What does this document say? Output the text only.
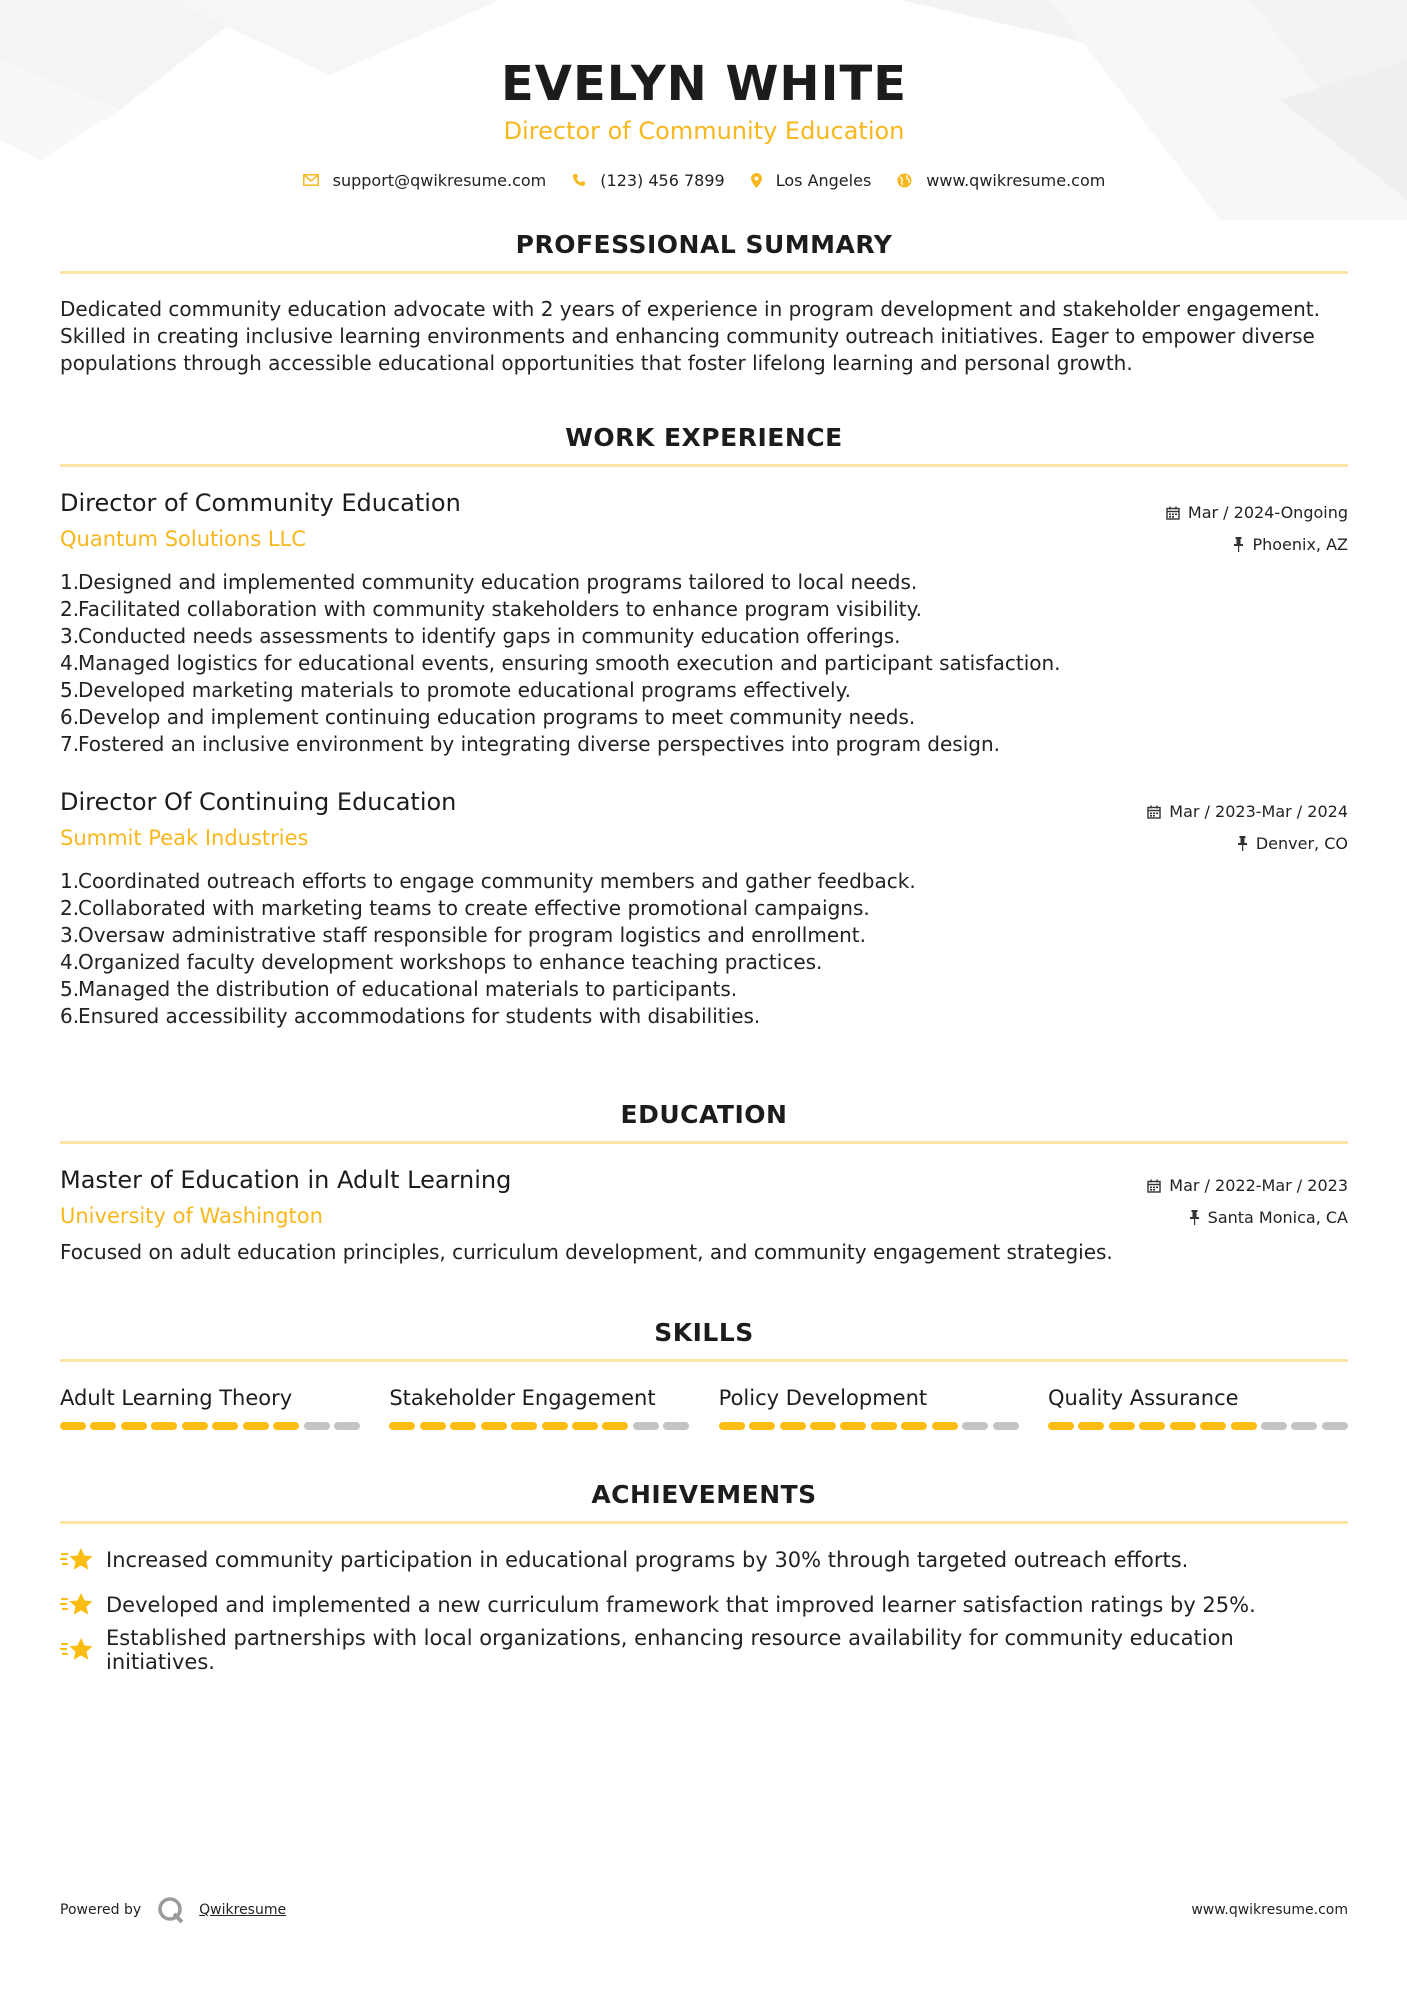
EVELYN WHITE
Director of Community Education
support@qwikresume.com	(123) 456 7899	Los Angeles	www.qwikresume.com
PROFESSIONAL SUMMARY
Dedicated community education advocate with 2 years of experience in program development and stakeholder engagement. Skilled in creating inclusive learning environments and enhancing community outreach initiatives. Eager to empower diverse populations through accessible educational opportunities that foster lifelong learning and personal growth.
WORK EXPERIENCE
Director of Community Education
Quantum Solutions LLC
Mar / 2024-Ongoing
Phoenix, AZ
1.
Designed and implemented community education programs tailored to local needs.
2.
Facilitated collaboration with community stakeholders to enhance program visibility.
3.
Conducted needs assessments to identify gaps in community education offerings.
4.
Managed logistics for educational events, ensuring smooth execution and participant satisfaction.
5.
Developed marketing materials to promote educational programs effectively.
6.
Develop and implement continuing education programs to meet community needs.
7.
Fostered an inclusive environment by integrating diverse perspectives into program design.
Director Of Continuing Education
Summit Peak Industries
Mar / 2023-Mar / 2024
Denver, CO
1.
Coordinated outreach efforts to engage community members and gather feedback.
2.
Collaborated with marketing teams to create effective promotional campaigns.
3.
Oversaw administrative staff responsible for program logistics and enrollment.
4.
Organized faculty development workshops to enhance teaching practices.
5.
Managed the distribution of educational materials to participants.
6.
Ensured accessibility accommodations for students with disabilities.
EDUCATION
Master of Education in Adult Learning
University of Washington
Mar / 2022-Mar / 2023
Santa Monica, CA
Focused on adult education principles, curriculum development, and community engagement strategies.
SKILLS
Adult Learning Theory	Stakeholder Engagement	Policy Development	Quality Assurance
ACHIEVEMENTS
Increased community participation in educational programs by 30% through targeted outreach efforts.
Developed and implemented a new curriculum framework that improved learner satisfaction ratings by 25%.
Established partnerships with local organizations, enhancing resource availability for community education initiatives.
Powered by	Qwikresume	www.qwikresume.com
